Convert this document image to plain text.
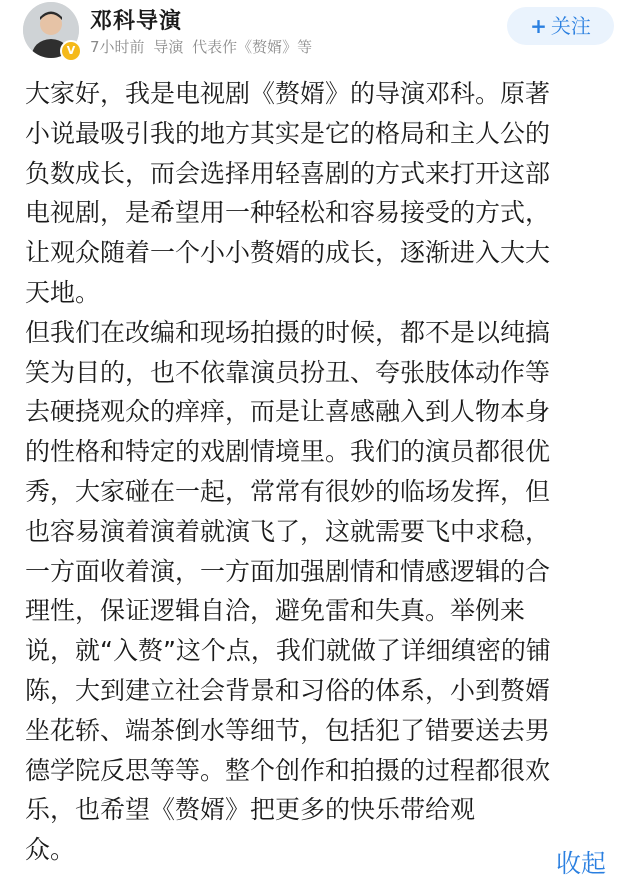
V
邓科导演
7小时前 导演 代表作《赘婿》等
+ 关注

大家好，我是电视剧《赘婿》的导演邓科。原著
小说最吸引我的地方其实是它的格局和主人公的
负数成长，而会选择用轻喜剧的方式来打开这部
电视剧，是希望用一种轻松和容易接受的方式，
让观众随着一个小小赘婿的成长，逐渐进入大大
天地。

但我们在改编和现场拍摄的时候，都不是以纯搞
笑为目的，也不依靠演员扮丑、夸张肢体动作等
去硬挠观众的痒痒，而是让喜感融入到人物本身
的性格和特定的戏剧情境里。我们的演员都很优
秀，大家碰在一起，常常有很妙的临场发挥，但
也容易演着演着就演飞了，这就需要飞中求稳，
一方面收着演，一方面加强剧情和情感逻辑的合
理性，保证逻辑自洽，避免雷和失真。举例来
说，就“入赘”这个点，我们就做了详细缜密的铺
陈，大到建立社会背景和习俗的体系，小到赘婿
坐花轿、端茶倒水等细节，包括犯了错要送去男
德学院反思等等。整个创作和拍摄的过程都很欢
乐，也希望《赘婿》把更多的快乐带给观
众。	收起
